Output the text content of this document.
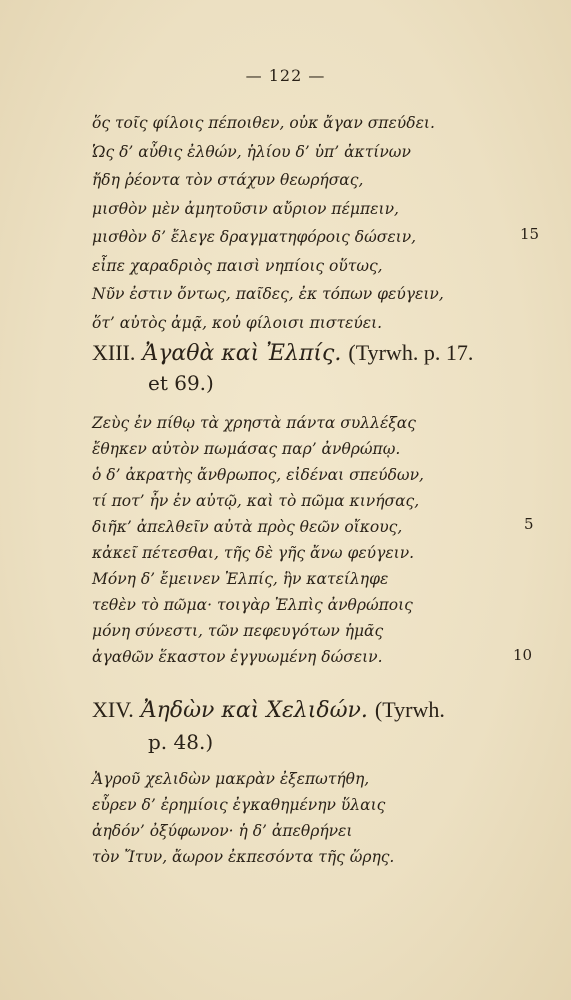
— 122 —
ὅς τοῖς φίλοις πέποιθεν, οὐκ ἄγαν σπεύδει.
Ὡς δ’ αὖθις ἐλθών, ἡλίου δ’ ὑπ’ ἀκτίνων
ἤδη ῥέοντα τὸν στάχυν θεωρήσας,
μισθὸν μὲν ἀμητοῦσιν αὔριον πέμπειν,
μισθὸν δ’ ἔλεγε δραγματηφόροις δώσειν,	15
εἶπε χαραδριὸς παισὶ νηπίοις οὕτως,
Νῦν ἐστιν ὄντως, παῖδες, ἐκ τόπων φεύγειν,
ὅτ’ αὐτὸς ἀμᾷ, κοὐ φίλοισι πιστεύει.
XIII. Ἀγαθὰ καὶ Ἐλπίς. (Tyrwh. p. 17.
et 69.)
Ζεὺς ἐν πίθῳ τὰ χρηστὰ πάντα συλλέξας
ἔθηκεν αὐτὸν πωμάσας παρ’ ἀνθρώπῳ.
ὁ δ’ ἀκρατὴς ἄνθρωπος, εἰδέναι σπεύδων,
τί ποτ’ ἦν ἐν αὐτῷ, καὶ τὸ πῶμα κινήσας,
διῆκ’ ἀπελθεῖν αὐτὰ πρὸς θεῶν οἴκους,	5
κἀκεῖ πέτεσθαι, τῆς δὲ γῆς ἄνω φεύγειν.
Μόνη δ’ ἔμεινεν Ἐλπίς, ἣν κατείληφε
τεθὲν τὸ πῶμα· τοιγὰρ Ἐλπὶς ἀνθρώποις
μόνη σύνεστι, τῶν πεφευγότων ἡμᾶς
ἀγαθῶν ἕκαστον ἐγγυωμένη δώσειν.	10
XIV. Ἀηδὼν καὶ Χελιδών. (Tyrwh.
p. 48.)
Ἀγροῦ χελιδὼν μακρὰν ἐξεπωτήθη,
εὗρεν δ’ ἐρημίοις ἐγκαθημένην ὕλαις
ἀηδόν’ ὀξύφωνον· ἡ δ’ ἀπεθρήνει
τὸν Ἴτυν, ἄωρον ἐκπεσόντα τῆς ὥρης.
